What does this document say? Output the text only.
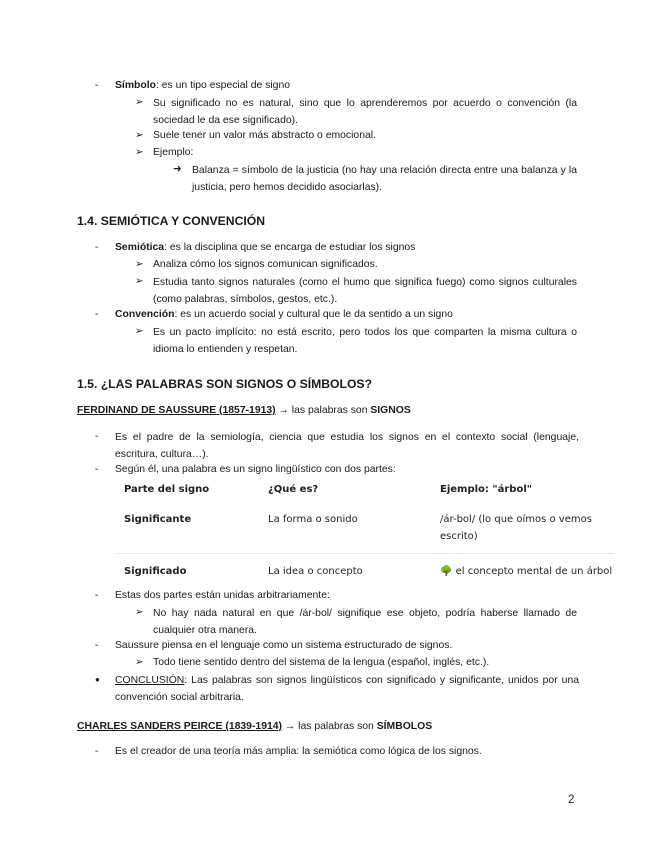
- Símbolo: es un tipo especial de signo
➢ Su significado no es natural, sino que lo aprenderemos por acuerdo o convención (la sociedad le da ese significado).
➢ Suele tener un valor más abstracto o emocional.
➢ Ejemplo:
➜ Balanza = símbolo de la justicia (no hay una relación directa entre una balanza y la justicia, pero hemos decidido asociarlas).
1.4. SEMIÓTICA Y CONVENCIÓN
- Semiótica: es la disciplina que se encarga de estudiar los signos
➢ Analiza cómo los signos comunican significados.
➢ Estudia tanto signos naturales (como el humo que significa fuego) como signos culturales (como palabras, símbolos, gestos, etc.).
- Convención: es un acuerdo social y cultural que le da sentido a un signo
➢ Es un pacto implícito: no está escrito, pero todos los que comparten la misma cultura o idioma lo entienden y respetan.
1.5. ¿LAS PALABRAS SON SIGNOS O SÍMBOLOS?
FERDINAND DE SAUSSURE (1857-1913) → las palabras son SIGNOS
- Es el padre de la semiología, ciencia que estudia los signos en el contexto social (lenguaje, escritura, cultura…).
- Según él, una palabra es un signo lingüístico con dos partes:
Parte del signo	¿Qué es?	Ejemplo: "árbol"
Significante	La forma o sonido	/ár-bol/ (lo que oímos o vemos escrito)
Significado	La idea o concepto	🌳 el concepto mental de un árbol
- Estas dos partes están unidas arbitrariamente:
➢ No hay nada natural en que /ár-bol/ signifique ese objeto, podría haberse llamado de cualquier otra manera.
- Saussure piensa en el lenguaje como un sistema estructurado de signos.
➢ Todo tiene sentido dentro del sistema de la lengua (español, inglés, etc.).
● CONCLUSIÓN: Las palabras son signos lingüísticos con significado y significante, unidos por una convención social arbitraria.
CHARLES SANDERS PEIRCE (1839-1914) → las palabras son SÍMBOLOS
- Es el creador de una teoría más amplia: la semiótica como lógica de los signos.
2
